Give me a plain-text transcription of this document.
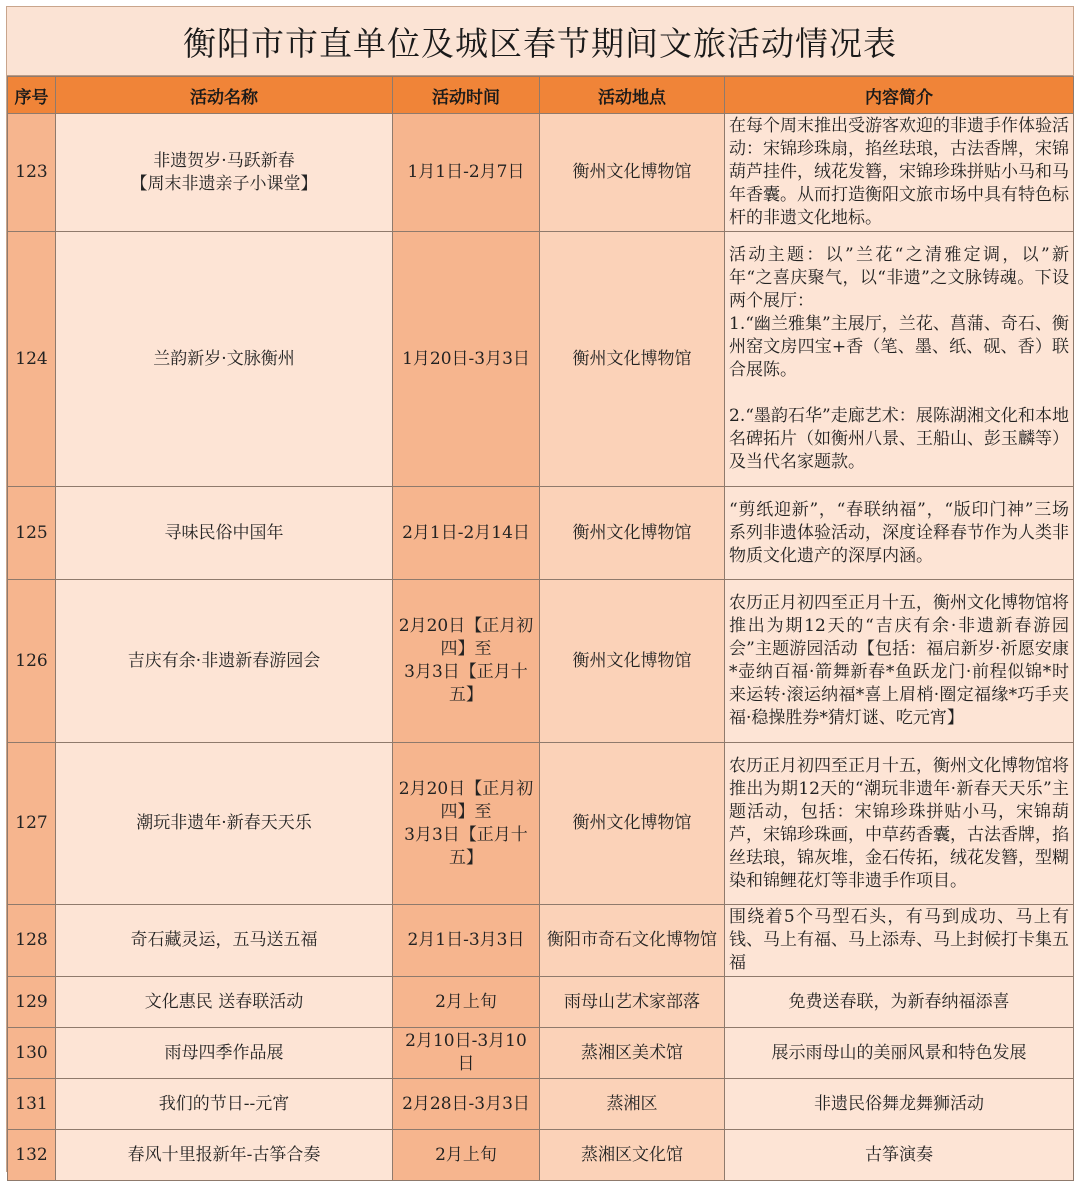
衡阳市市直单位及城区春节期间文旅活动情况表
序号	活动名称	活动时间	活动地点	内容简介
123	非遗贺岁·马跃新春
【周末非遗亲子小课堂】	1月1日-2月7日	衡州文化博物馆	在每个周末推出受游客欢迎的非遗手作体验活动：宋锦珍珠扇，掐丝珐琅，古法香牌，宋锦葫芦挂件，绒花发簪，宋锦珍珠拼贴小马和马年香囊。从而打造衡阳文旅市场中具有特色标杆的非遗文化地标。
124	兰韵新岁·文脉衡州	1月20日-3月3日	衡州文化博物馆	活动主题：以”兰花“之清雅定调，以”新年“之喜庆聚气，以“非遗”之文脉铸魂。下设两个展厅：
1.“幽兰雅集”主展厅，兰花、菖蒲、奇石、衡州窑文房四宝+香（笔、墨、纸、砚、香）联合展陈。

2.“墨韵石华”走廊艺术：展陈湖湘文化和本地名碑拓片（如衡州八景、王船山、彭玉麟等）及当代名家题款。
125	寻味民俗中国年	2月1日-2月14日	衡州文化博物馆	“剪纸迎新”，“春联纳福”，“版印门神”三场系列非遗体验活动，深度诠释春节作为人类非物质文化遗产的深厚内涵。
126	吉庆有余·非遗新春游园会	2月20日【正月初四】至
3月3日【正月十五】	衡州文化博物馆	农历正月初四至正月十五，衡州文化博物馆将推出为期12天的“吉庆有余·非遗新春游园会”主题游园活动【包括：福启新岁·祈愿安康*壶纳百福·箭舞新春*鱼跃龙门·前程似锦*时来运转·滚运纳福*喜上眉梢·圈定福缘*巧手夹福·稳操胜券*猜灯谜、吃元宵】
127	潮玩非遗年·新春天天乐	2月20日【正月初四】至
3月3日【正月十五】	衡州文化博物馆	农历正月初四至正月十五，衡州文化博物馆将推出为期12天的“潮玩非遗年·新春天天乐”主题活动，包括：宋锦珍珠拼贴小马，宋锦葫芦，宋锦珍珠画，中草药香囊，古法香牌，掐丝珐琅，锦灰堆，金石传拓，绒花发簪，型糊染和锦鲤花灯等非遗手作项目。
128	奇石藏灵运，五马送五福	2月1日-3月3日	衡阳市奇石文化博物馆	围绕着5个马型石头，有马到成功、马上有钱、马上有福、马上添寿、马上封候打卡集五福
129	文化惠民 送春联活动	2月上旬	雨母山艺术家部落	免费送春联，为新春纳福添喜
130	雨母四季作品展	2月10日-3月10日	蒸湘区美术馆	展示雨母山的美丽风景和特色发展
131	我们的节日--元宵	2月28日-3月3日	蒸湘区	非遗民俗舞龙舞狮活动
132	春风十里报新年-古筝合奏	2月上旬	蒸湘区文化馆	古筝演奏
